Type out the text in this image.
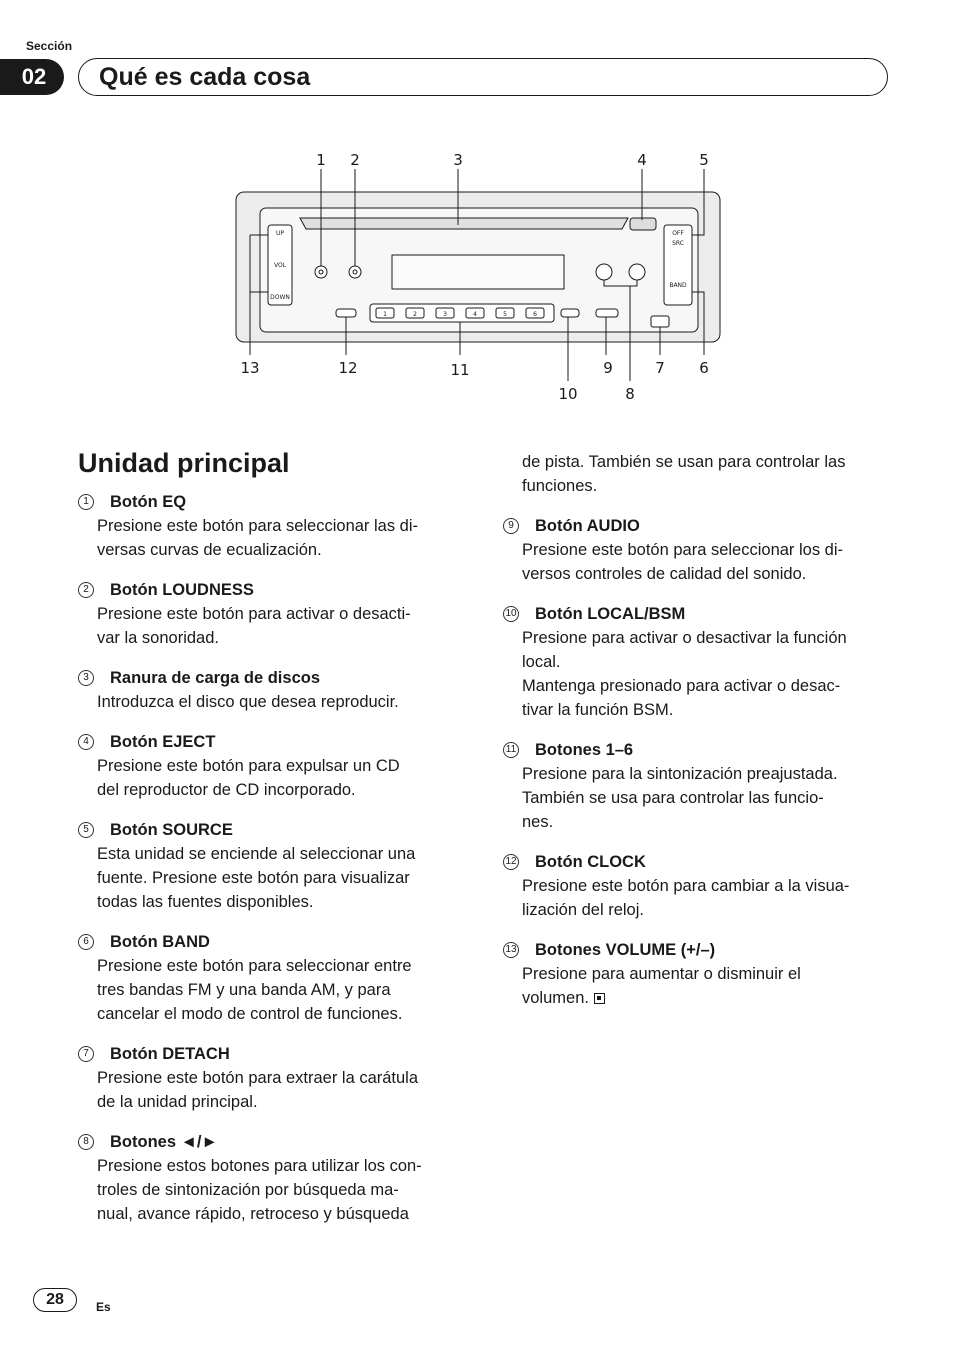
Sección
02	Qué es cada cosa
UP
VOL
DOWN
OFF
SRC
BAND
1	2	3	4	5	6
1 2	3	4	5
6
7
8
9
10
11
12
13
Unidad principal
1	Botón EQ
Presione este botón para seleccionar las di-
versas curvas de ecualización.
2	Botón LOUDNESS
Presione este botón para activar o desacti-
var la sonoridad.
3	Ranura de carga de discos
Introduzca el disco que desea reproducir.
4	Botón EJECT
Presione este botón para expulsar un CD
del reproductor de CD incorporado.
5	Botón SOURCE
Esta unidad se enciende al seleccionar una
fuente. Presione este botón para visualizar
todas las fuentes disponibles.
6	Botón BAND
Presione este botón para seleccionar entre
tres bandas FM y una banda AM, y para
cancelar el modo de control de funciones.
7	Botón DETACH
Presione este botón para extraer la carátula
de la unidad principal.
8	Botones ◄/►
Presione estos botones para utilizar los con-
troles de sintonización por búsqueda ma-
nual, avance rápido, retroceso y búsqueda
de pista. También se usan para controlar las
funciones.
9	Botón AUDIO
Presione este botón para seleccionar los di-
versos controles de calidad del sonido.
10 Botón LOCAL/BSM
Presione para activar o desactivar la función
local.
Mantenga presionado para activar o desac-
tivar la función BSM.
11 Botones 1–6
Presione para la sintonización preajustada.
También se usa para controlar las funcio-
nes.
12 Botón CLOCK
Presione este botón para cambiar a la visua-
lización del reloj.
13 Botones VOLUME (+/–)
Presione para aumentar o disminuir el
volumen.
28	Es
